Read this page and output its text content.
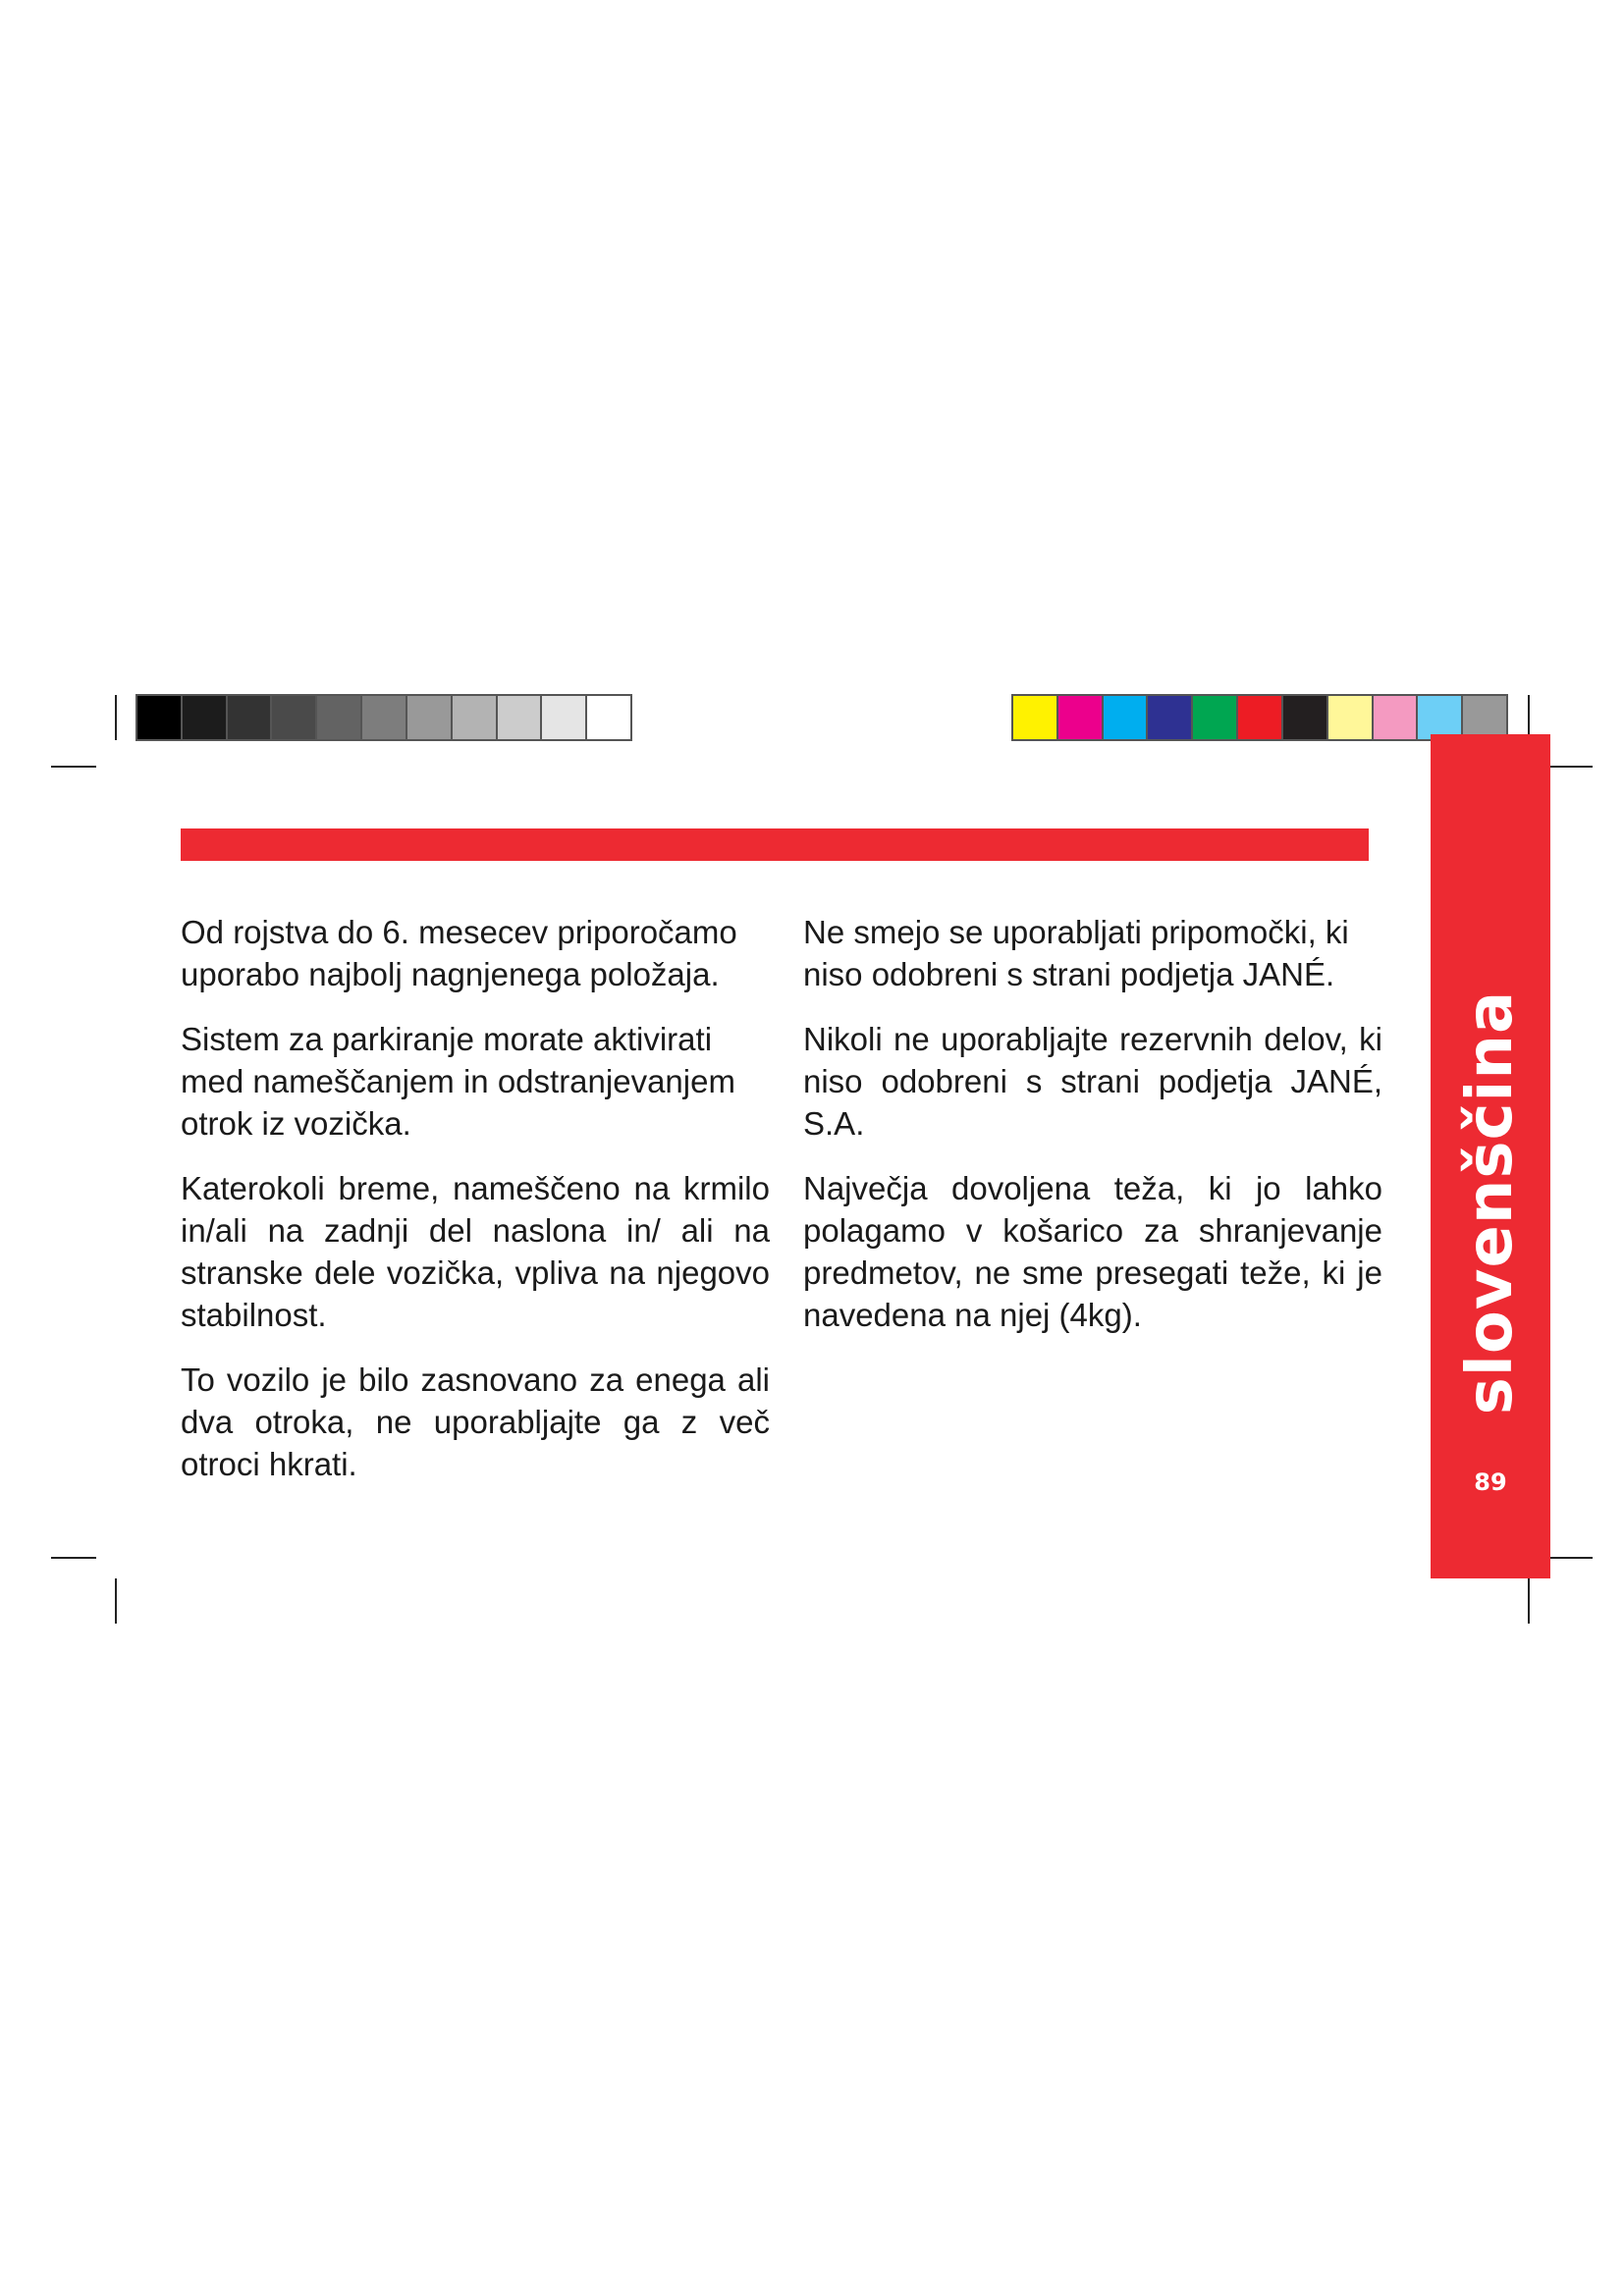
slovenščina
89

Od rojstva do 6. mesecev priporočamo uporabo najbolj nagnjenega položaja.

Sistem za parkiranje morate aktivirati med nameščanjem in odstranjevanjem otrok iz vozička.

Katerokoli breme, nameščeno na krmilo in/ali na zadnji del naslona in/ ali na stranske dele vozička, vpliva na njegovo stabilnost.

To vozilo je bilo zasnovano za enega ali dva otroka, ne uporabljajte ga z več otroci hkrati.

Ne smejo se uporabljati pripomočki, ki niso odobreni s strani podjetja JANÉ.

Nikoli ne uporabljajte rezervnih delov, ki niso odobreni s strani podjetja JANÉ, S.A.

Največja dovoljena teža, ki jo lahko polagamo v košarico za shranjevanje predmetov, ne sme presegati teže, ki je navedena na njej (4kg).
